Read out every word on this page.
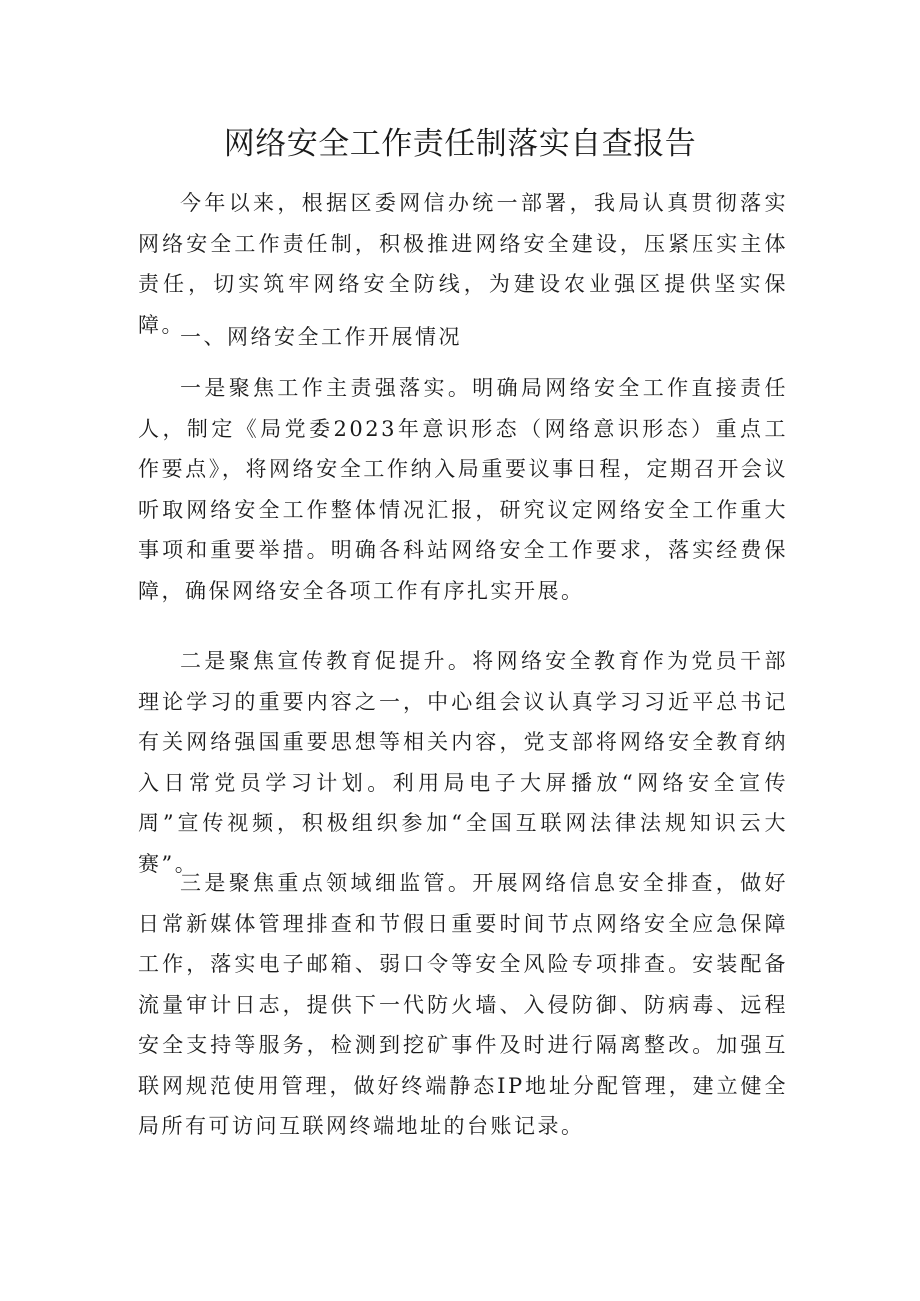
网络安全工作责任制落实自查报告

今年以来，根据区委网信办统一部署，我局认真贯彻落实网络安全工作责任制，积极推进网络安全建设，压紧压实主体责任，切实筑牢网络安全防线，为建设农业强区提供坚实保障。

一、网络安全工作开展情况

一是聚焦工作主责强落实。明确局网络安全工作直接责任人，制定《局党委2023年意识形态（网络意识形态）重点工作要点》，将网络安全工作纳入局重要议事日程，定期召开会议听取网络安全工作整体情况汇报，研究议定网络安全工作重大事项和重要举措。明确各科站网络安全工作要求，落实经费保障，确保网络安全各项工作有序扎实开展。

二是聚焦宣传教育促提升。将网络安全教育作为党员干部理论学习的重要内容之一，中心组会议认真学习习近平总书记有关网络强国重要思想等相关内容，党支部将网络安全教育纳入日常党员学习计划。利用局电子大屏播放“网络安全宣传周”宣传视频，积极组织参加“全国互联网法律法规知识云大赛”。

三是聚焦重点领域细监管。开展网络信息安全排查，做好日常新媒体管理排查和节假日重要时间节点网络安全应急保障工作，落实电子邮箱、弱口令等安全风险专项排查。安装配备流量审计日志，提供下一代防火墙、入侵防御、防病毒、远程安全支持等服务，检测到挖矿事件及时进行隔离整改。加强互联网规范使用管理，做好终端静态IP地址分配管理，建立健全局所有可访问互联网终端地址的台账记录。
